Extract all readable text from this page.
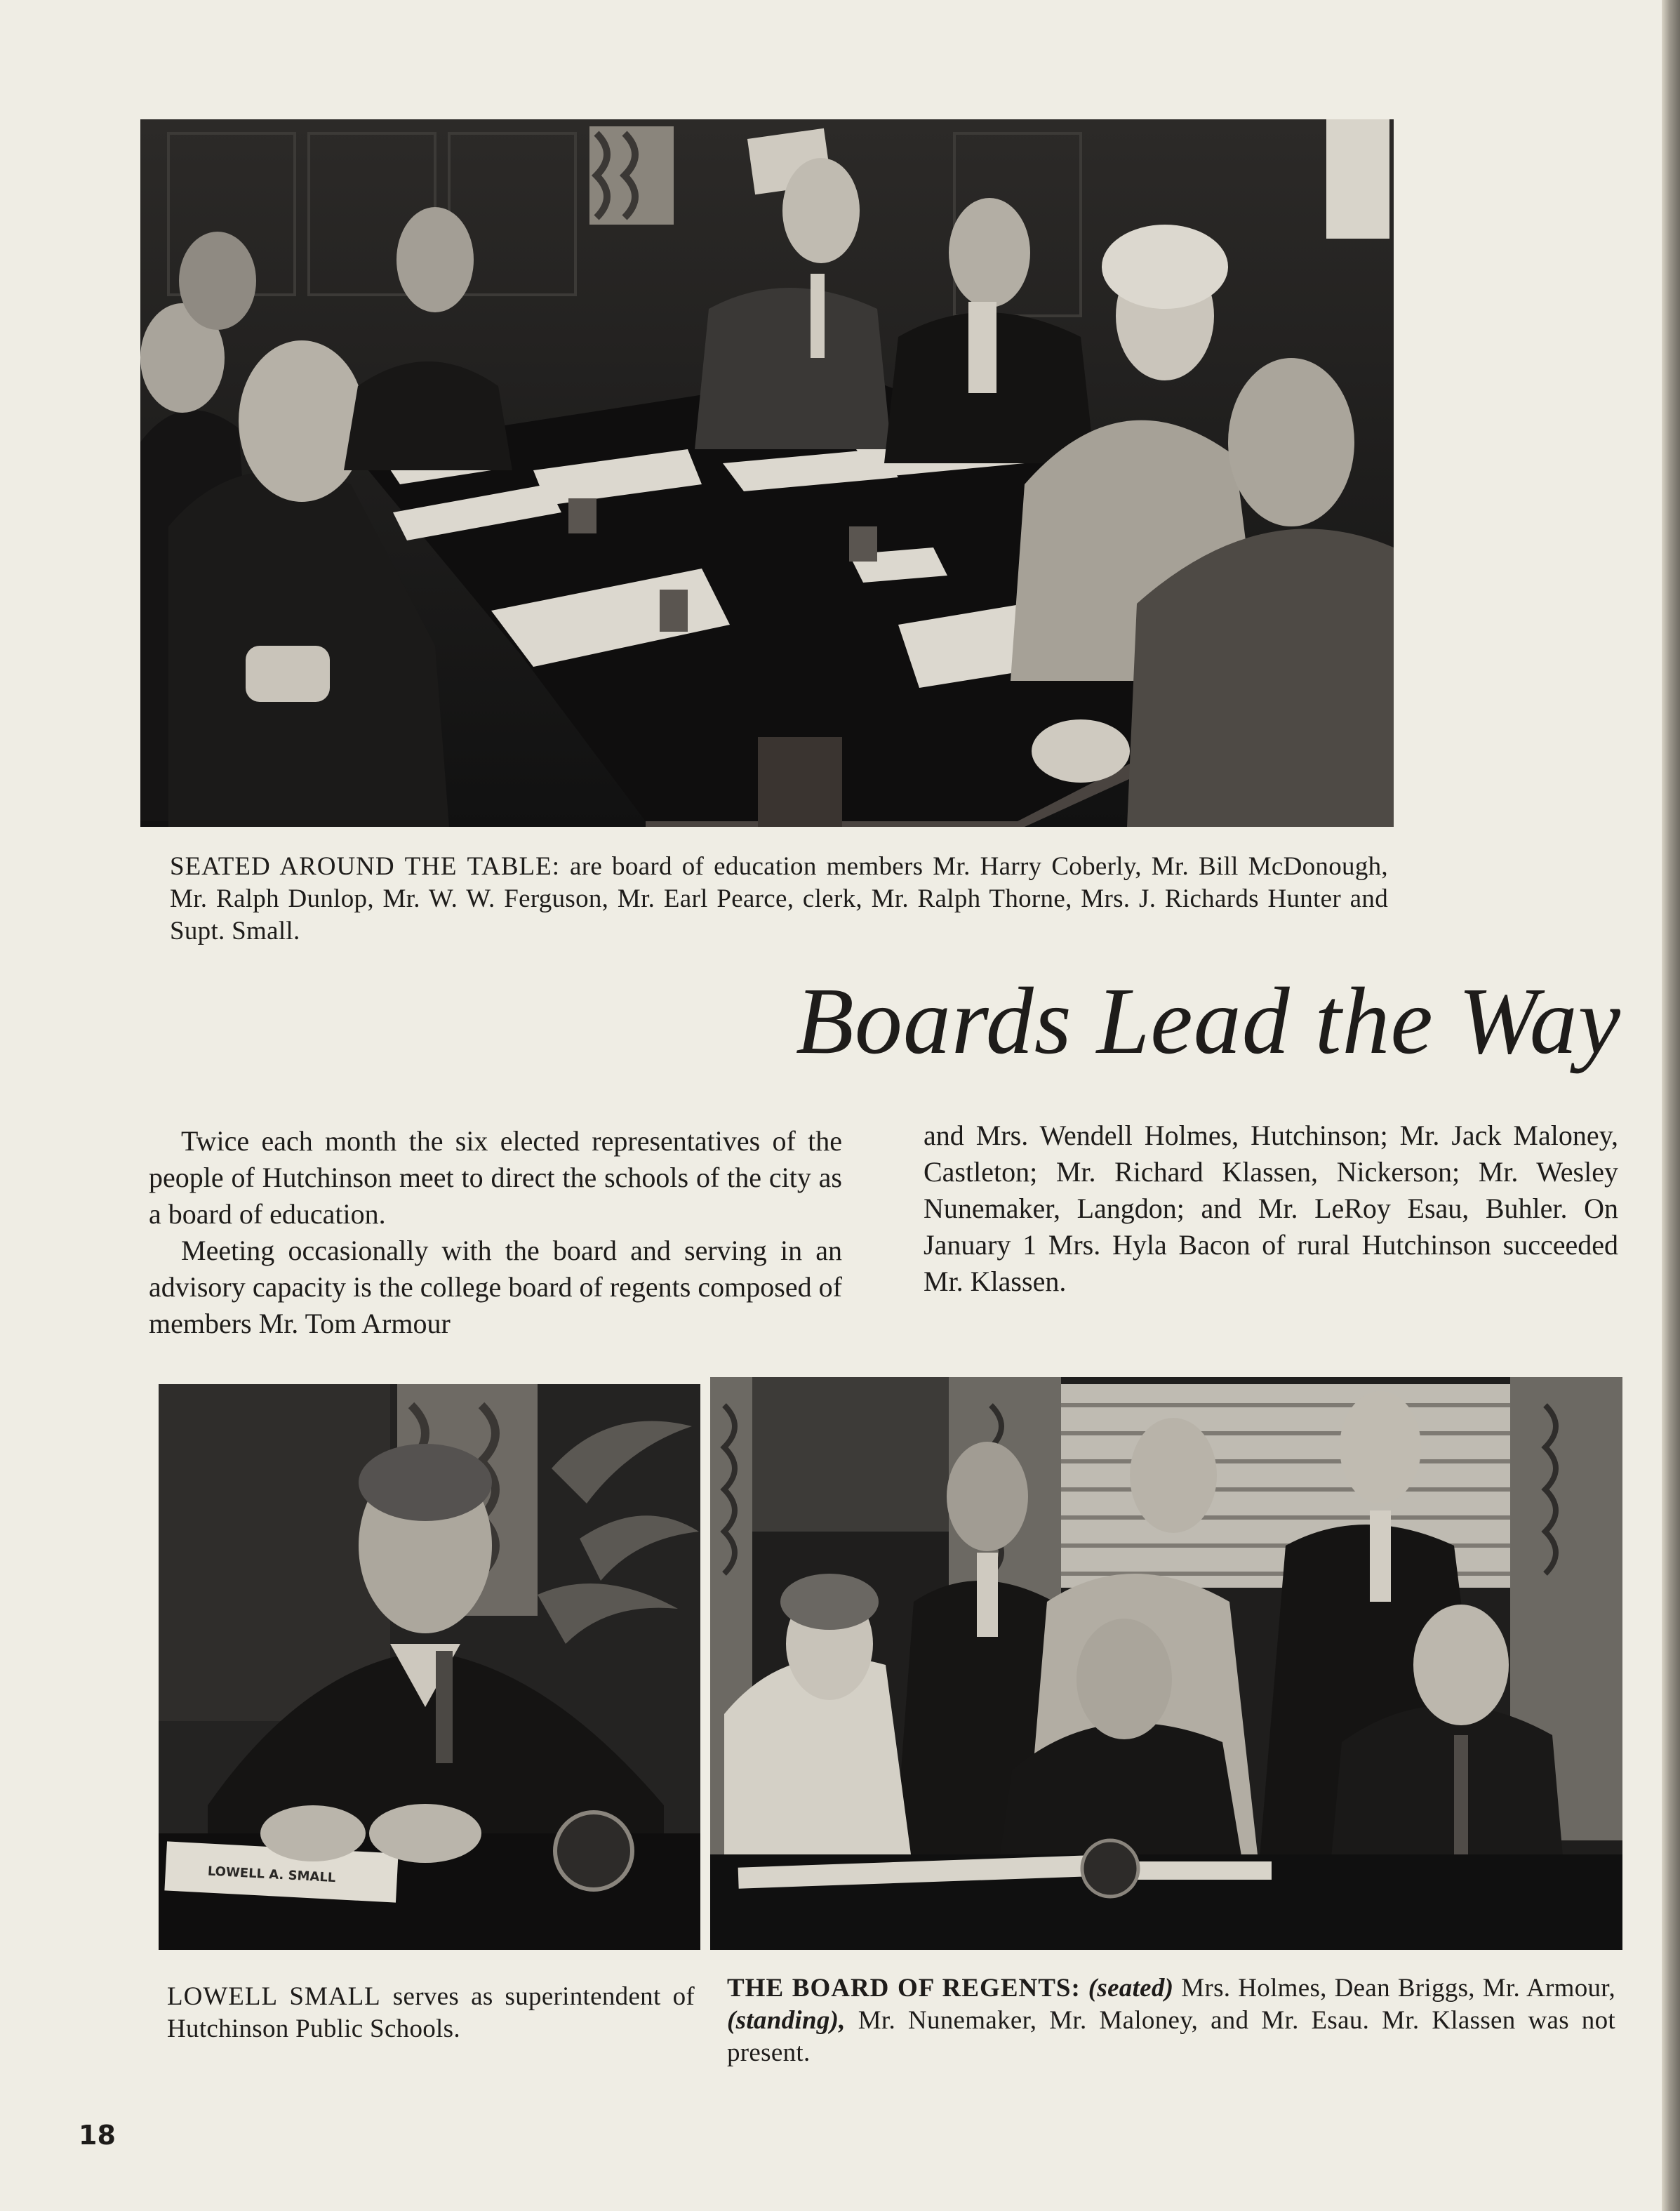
SEATED AROUND THE TABLE: are board of education members Mr. Harry Coberly, Mr. Bill McDonough, Mr. Ralph Dunlop, Mr. W. W. Ferguson, Mr. Earl Pearce, clerk, Mr. Ralph Thorne, Mrs. J. Richards Hunter and Supt. Small.
Boards Lead the Way

Twice each month the six elected representatives of the people of Hutchinson meet to direct the schools of the city as a board of education.

Meeting occasionally with the board and serving in an advisory capacity is the college board of regents composed of members Mr. Tom Armour

and Mrs. Wendell Holmes, Hutchinson; Mr. Jack Maloney, Castleton; Mr. Richard Klassen, Nickerson; Mr. Wesley Nunemaker, Langdon; and Mr. LeRoy Esau, Buhler. On January 1 Mrs. Hyla Bacon of rural Hutchinson succeeded Mr. Klassen.

LOWELL A. SMALL
LOWELL SMALL serves as superintendent of Hutchinson Public Schools.
THE BOARD OF REGENTS: (seated) Mrs. Holmes, Dean Briggs, Mr. Armour, (standing), Mr. Nunemaker, Mr. Maloney, and Mr. Esau. Mr. Klassen was not present.
18
